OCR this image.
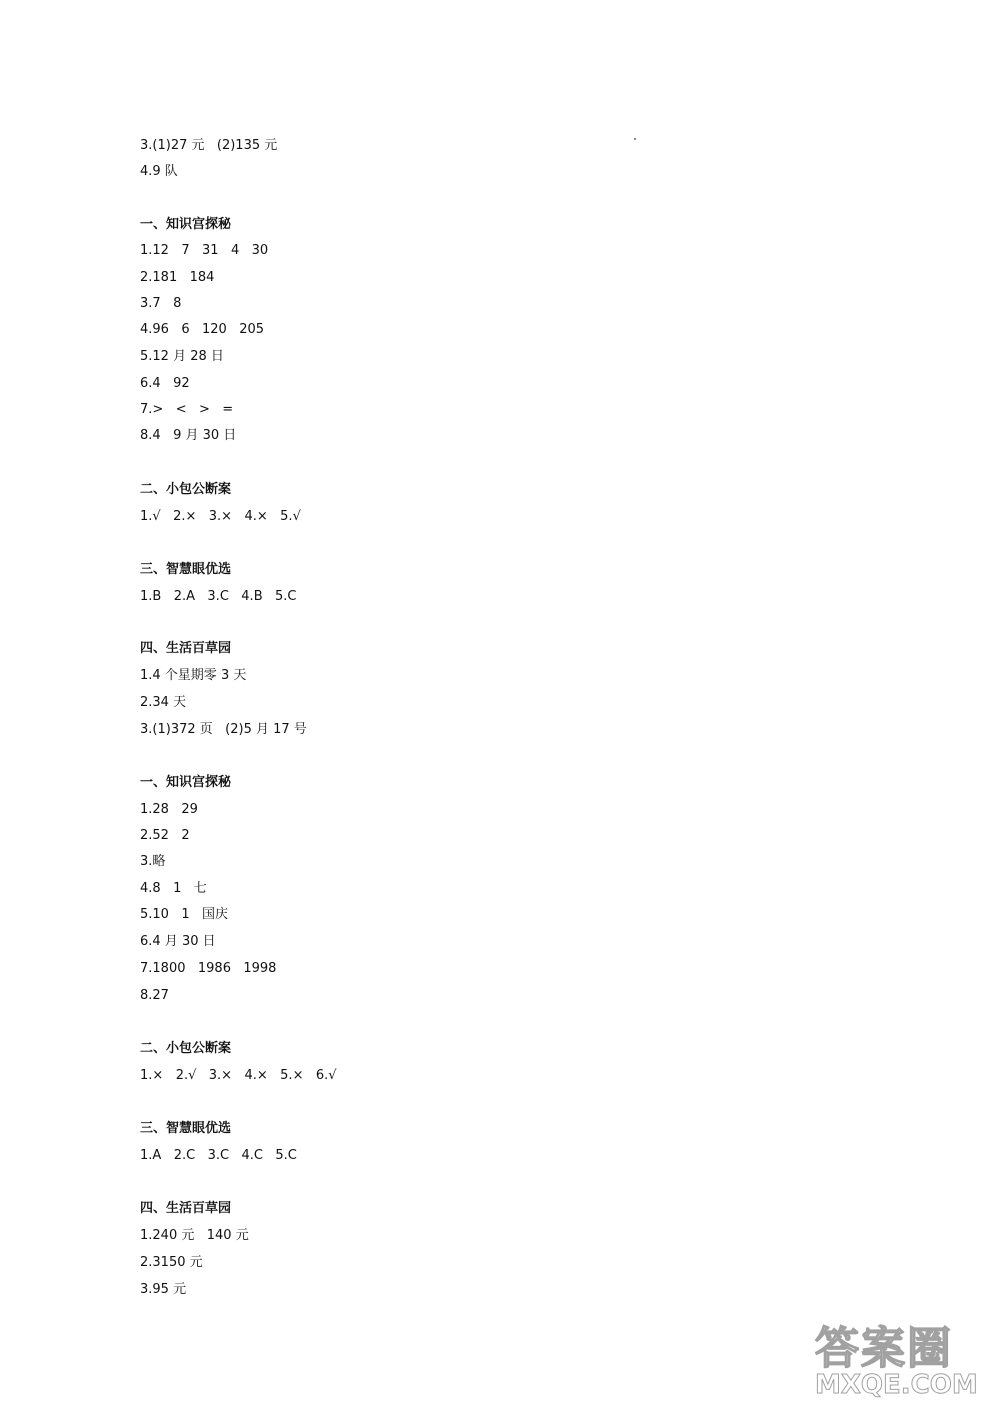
3.(1)27 元   (2)135 元

4.9 队

一、知识宫探秘

1.12   7   31   4   30

2.181   184

3.7   8

4.96   6   120   205

5.12 月 28 日

6.4   92

7.>   <   >   =

8.4   9 月 30 日

二、小包公断案

1.√   2.×   3.×   4.×   5.√

三、智慧眼优选

1.B   2.A   3.C   4.B   5.C

四、生活百草园

1.4 个星期零 3 天

2.34 天

3.(1)372 页   (2)5 月 17 号

一、知识宫探秘

1.28   29

2.52   2

3.略

4.8   1   七

5.10   1   国庆

6.4 月 30 日

7.1800   1986   1998

8.27

二、小包公断案

1.×   2.√   3.×   4.×   5.×   6.√

三、智慧眼优选

1.A   2.C   3.C   4.C   5.C

四、生活百草园

1.240 元   140 元

2.3150 元

3.95 元

答案圈
MXQE.COM
